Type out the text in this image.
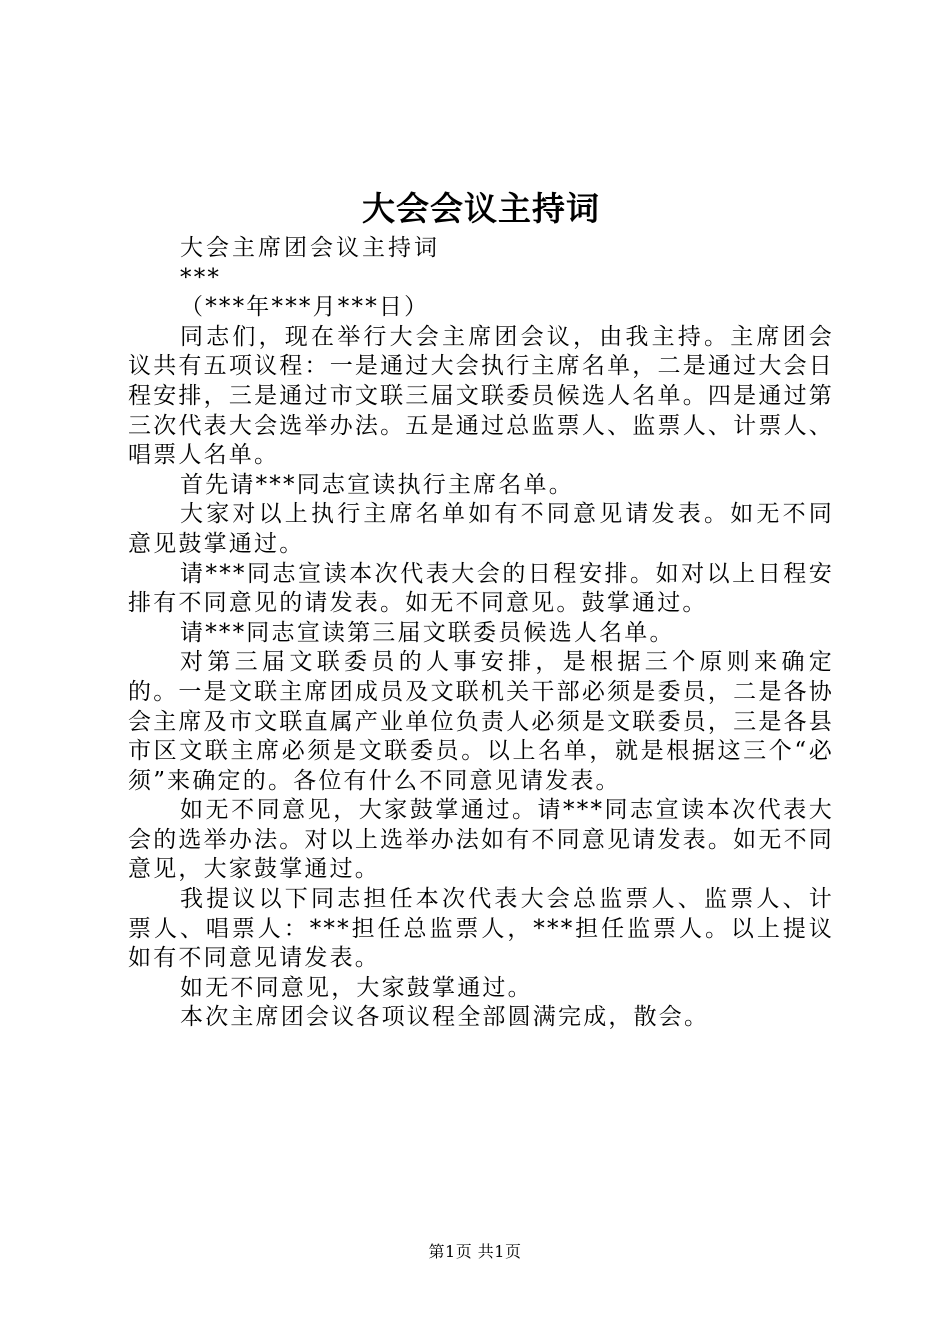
大会会议主持词

大会主席团会议主持词

***

（***年***月***日）

同志们，现在举行大会主席团会议，由我主持。主席团会议共有五项议程：一是通过大会执行主席名单，二是通过大会日程安排，三是通过市文联三届文联委员候选人名单。四是通过第三次代表大会选举办法。五是通过总监票人、监票人、计票人、唱票人名单。

首先请***同志宣读执行主席名单。

大家对以上执行主席名单如有不同意见请发表。如无不同意见鼓掌通过。

请***同志宣读本次代表大会的日程安排。如对以上日程安排有不同意见的请发表。如无不同意见。鼓掌通过。

请***同志宣读第三届文联委员候选人名单。

对第三届文联委员的人事安排，是根据三个原则来确定的。一是文联主席团成员及文联机关干部必须是委员，二是各协会主席及市文联直属产业单位负责人必须是文联委员，三是各县市区文联主席必须是文联委员。以上名单，就是根据这三个“必须”来确定的。各位有什么不同意见请发表。

如无不同意见，大家鼓掌通过。请***同志宣读本次代表大会的选举办法。对以上选举办法如有不同意见请发表。如无不同意见，大家鼓掌通过。

我提议以下同志担任本次代表大会总监票人、监票人、计票人、唱票人：***担任总监票人，***担任监票人。以上提议如有不同意见请发表。

如无不同意见，大家鼓掌通过。

本次主席团会议各项议程全部圆满完成，散会。

第1页 共1页
